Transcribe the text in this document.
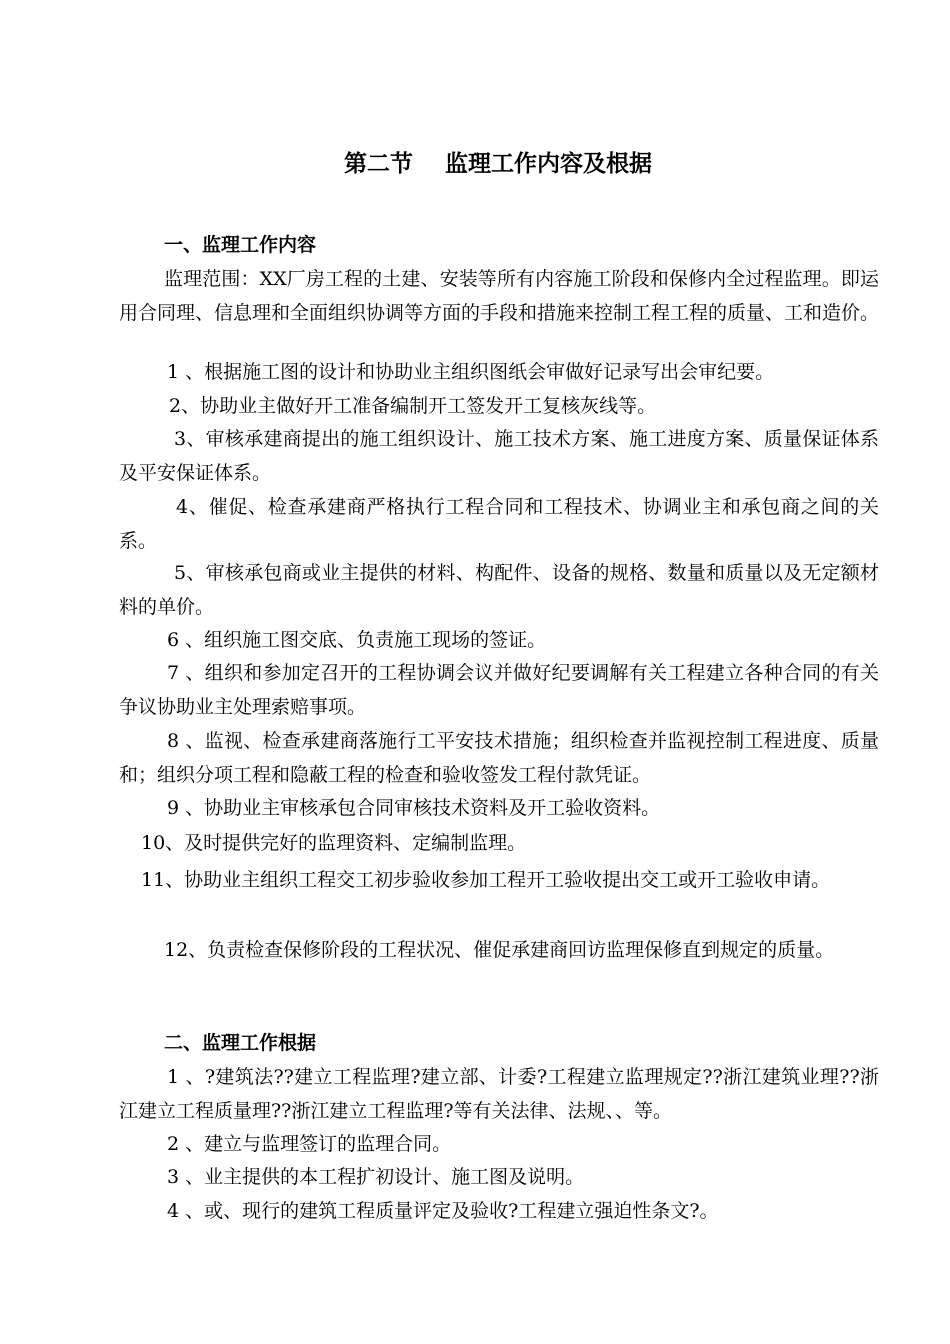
第二节    监理工作内容及根据
一、监理工作内容
监理范围：XX厂房工程的土建、安装等所有内容施工阶段和保修内全过程监理。即运用合同理、信息理和全面组织协调等方面的手段和措施来控制工程工程的质量、工和造价。
1 、根据施工图的设计和协助业主组织图纸会审做好记录写出会审纪要。
2、协助业主做好开工准备编制开工签发开工复核灰线等。
3、审核承建商提出的施工组织设计、施工技术方案、施工进度方案、质量保证体系及平安保证体系。
4、催促、检查承建商严格执行工程合同和工程技术、协调业主和承包商之间的关系。
5、审核承包商或业主提供的材料、构配件、设备的规格、数量和质量以及无定额材料的单价。
6 、组织施工图交底、负责施工现场的签证。
7 、组织和参加定召开的工程协调会议并做好纪要调解有关工程建立各种合同的有关争议协助业主处理索赔事项。
8 、监视、检查承建商落施行工平安技术措施；组织检查并监视控制工程进度、质量和；组织分项工程和隐蔽工程的检查和验收签发工程付款凭证。
9 、协助业主审核承包合同审核技术资料及开工验收资料。
10、及时提供完好的监理资料、定编制监理。
11、协助业主组织工程交工初步验收参加工程开工验收提出交工或开工验收申请。
12、负责检查保修阶段的工程状况、催促承建商回访监理保修直到规定的质量。
二、监理工作根据
1 、?建筑法??建立工程监理?建立部、计委?工程建立监理规定??浙江建筑业理??浙江建立工程质量理??浙江建立工程监理?等有关法律、法规、、等。
2 、建立与监理签订的监理合同。
3 、业主提供的本工程扩初设计、施工图及说明。
4 、或、现行的建筑工程质量评定及验收?工程建立强迫性条文?。
